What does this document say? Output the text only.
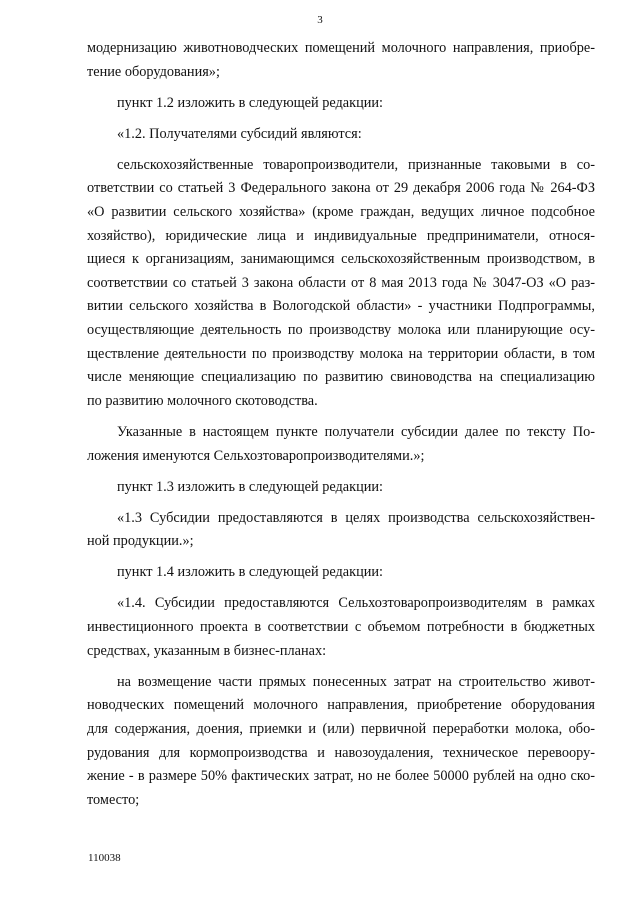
3
модернизацию животноводческих помещений молочного направления, приобре-
тение оборудования»;
пункт 1.2 изложить в следующей редакции:
«1.2. Получателями субсидий являются:
сельскохозяйственные товаропроизводители, признанные таковыми в со-
ответствии со статьей 3 Федерального закона от 29 декабря 2006 года № 264-ФЗ
«О развитии сельского хозяйства» (кроме граждан, ведущих личное подсобное
хозяйство), юридические лица и индивидуальные предприниматели, относя-
щиеся к организациям, занимающимся сельскохозяйственным производством, в
соответствии со статьей 3 закона области от 8 мая 2013 года № 3047-ОЗ «О раз-
витии сельского хозяйства в Вологодской области» - участники Подпрограммы,
осуществляющие деятельность по производству молока или планирующие осу-
ществление деятельности по производству молока на территории области, в том
числе меняющие специализацию по развитию свиноводства на специализацию
по развитию молочного скотоводства.
Указанные в настоящем пункте получатели субсидии далее по тексту По-
ложения именуются Сельхозтоваропроизводителями.»;
пункт 1.3 изложить в следующей редакции:
«1.3 Субсидии предоставляются в целях производства сельскохозяйствен-
ной продукции.»;
пункт 1.4 изложить в следующей редакции:
«1.4. Субсидии предоставляются Сельхозтоваропроизводителям в рамках
инвестиционного проекта в соответствии с объемом потребности в бюджетных
средствах, указанным в бизнес-планах:
на возмещение части прямых понесенных затрат на строительство живот-
новодческих помещений молочного направления, приобретение оборудования
для содержания, доения, приемки и (или) первичной переработки молока, обо-
рудования для кормопроизводства и навозоудаления, техническое перевоору-
жение - в размере 50% фактических затрат, но не более 50000 рублей на одно ско-
томесто;
110038
